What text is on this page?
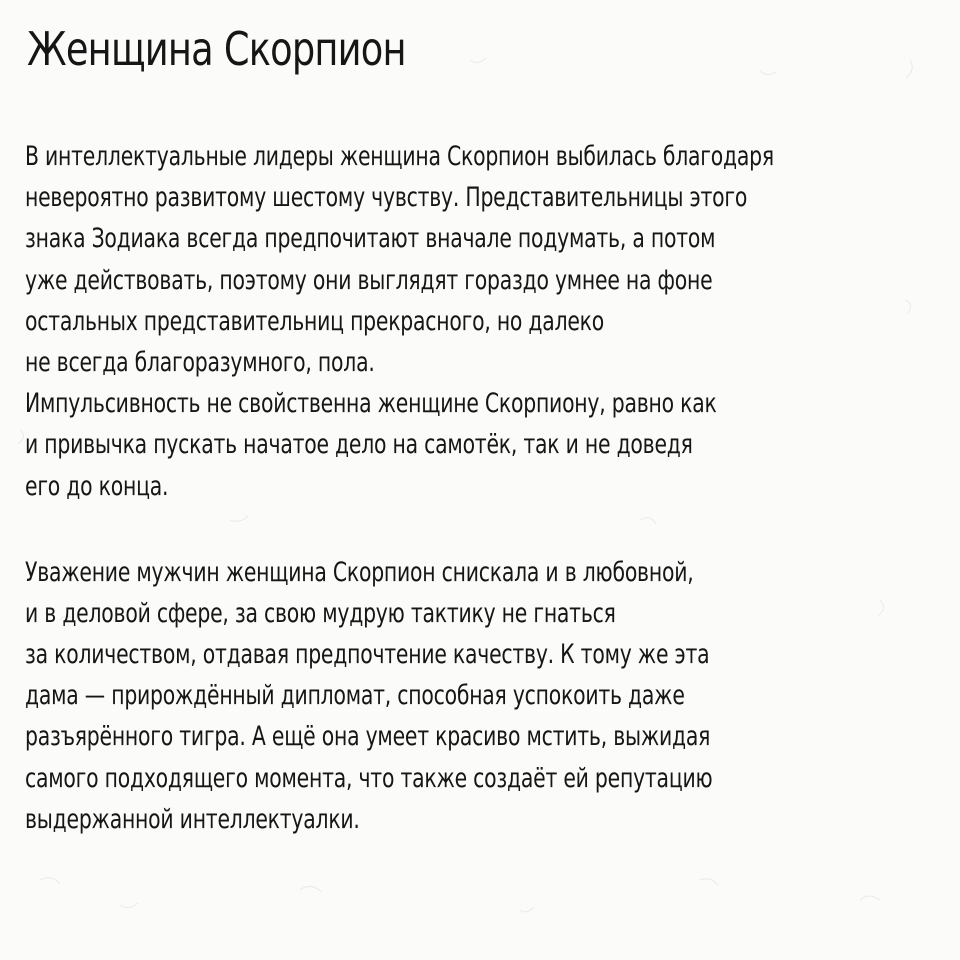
Женщина Скорпион
В интеллектуальные лидеры женщина Скорпион выбилась благодаря
невероятно развитому шестому чувству. Представительницы этого
знака Зодиака всегда предпочитают вначале подумать, а потом
уже действовать, поэтому они выглядят гораздо умнее на фоне
остальных представительниц прекрасного, но далеко
не всегда благоразумного, пола.
Импульсивность не свойственна женщине Скорпиону, равно как
и привычка пускать начатое дело на самотёк, так и не доведя
его до конца.
Уважение мужчин женщина Скорпион снискала и в любовной,
и в деловой сфере, за свою мудрую тактику не гнаться
за количеством, отдавая предпочтение качеству. К тому же эта
дама — прирождённый дипломат, способная успокоить даже
разъярённого тигра. А ещё она умеет красиво мстить, выжидая
самого подходящего момента, что также создаёт ей репутацию
выдержанной интеллектуалки.
